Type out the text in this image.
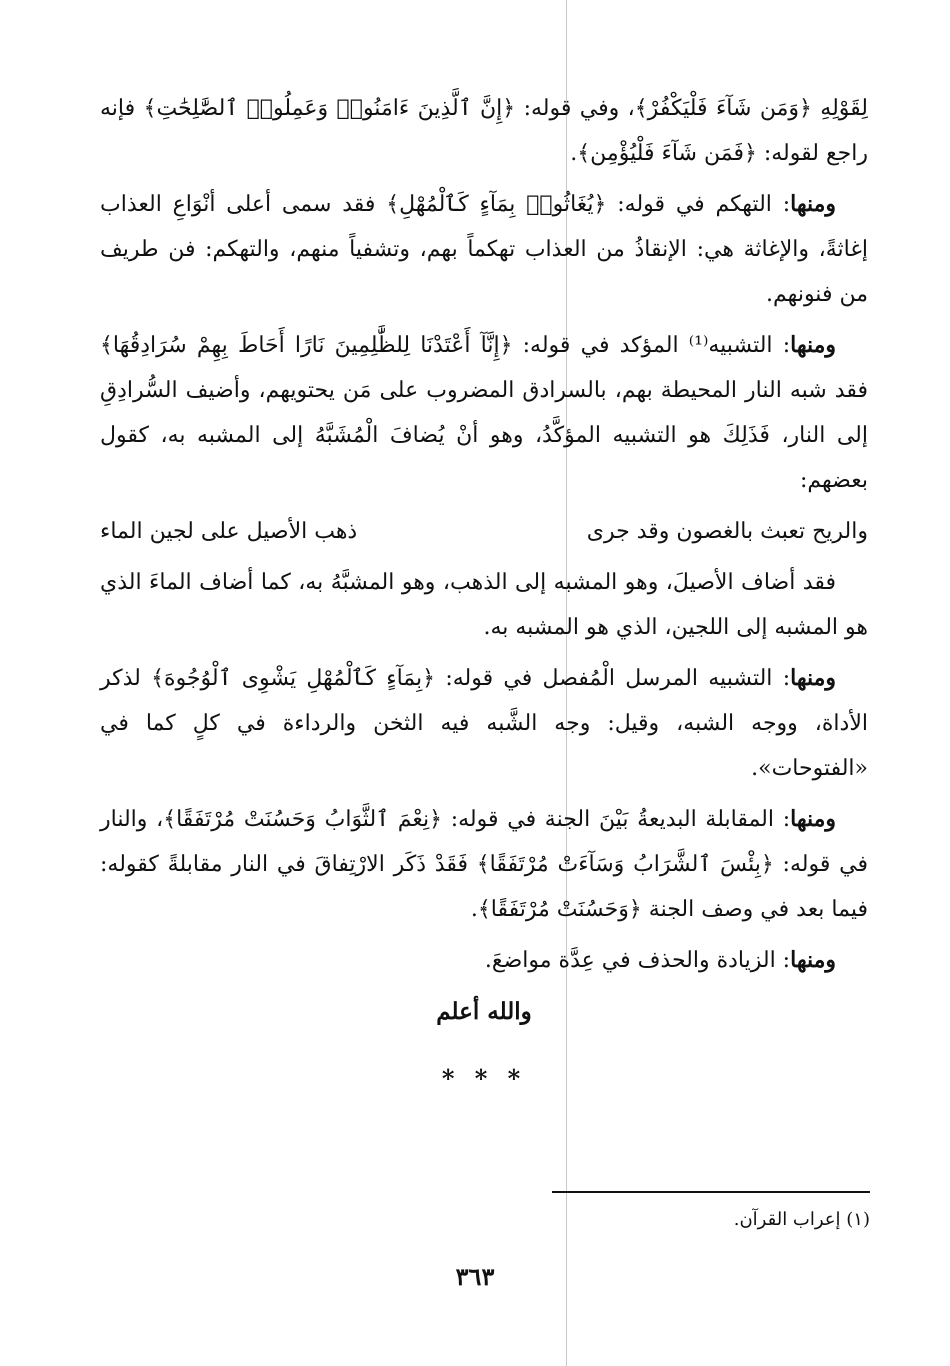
لِقَوْلِهِ ﴿وَمَن شَآءَ فَلْيَكْفُرْ﴾، وفي قوله: ﴿إِنَّ ٱلَّذِينَ ءَامَنُوا۟ وَعَمِلُوا۟ ٱلصَّٰلِحَٰتِ﴾ فإنه راجع لقوله: ﴿فَمَن شَآءَ فَلْيُؤْمِن﴾.

ومنها: التهكم في قوله: ﴿يُغَاثُوا۟ بِمَآءٍ كَٱلْمُهْلِ﴾ فقد سمى أعلى أنْوَاعِ العذاب إغاثةً، والإغاثة هي: الإنقاذُ من العذاب تهكماً بهم، وتشفياً منهم، والتهكم: فن طريف من فنونهم.

ومنها: التشبيه⁽¹⁾ المؤكد في قوله: ﴿إِنَّآ أَعْتَدْنَا لِلظَّٰلِمِينَ نَارًا أَحَاطَ بِهِمْ سُرَادِقُهَا﴾ فقد شبه النار المحيطة بهم، بالسرادق المضروب على مَن يحتويهم، وأضيف السُّرادِقِ إلى النار، فَذَلِكَ هو التشبيه المؤكَّدُ، وهو أنْ يُضافَ الْمُشَبَّهُ إلى المشبه به، كقول بعضهم:

والريح تعبث بالغصون وقد جرى
ذهب الأصيل على لجين الماء

فقد أضاف الأصيلَ، وهو المشبه إلى الذهب، وهو المشبَّهُ به، كما أضاف الماءَ الذي هو المشبه إلى اللجين، الذي هو المشبه به.

ومنها: التشبيه المرسل الْمُفصل في قوله: ﴿بِمَآءٍ كَٱلْمُهْلِ يَشْوِى ٱلْوُجُوهَ﴾ لذكر الأداة، ووجه الشبه، وقيل: وجه الشَّبه فيه الثخن والرداءة في كلٍ كما في «الفتوحات».

ومنها: المقابلة البديعةُ بَيْنَ الجنة في قوله: ﴿نِعْمَ ٱلثَّوَابُ وَحَسُنَتْ مُرْتَفَقًا﴾، والنار في قوله: ﴿بِئْسَ ٱلشَّرَابُ وَسَآءَتْ مُرْتَفَقًا﴾ فَقَدْ ذَكَر الارْتِفاقَ في النار مقابلةً كقوله: فيما بعد في وصف الجنة ﴿وَحَسُنَتْ مُرْتَفَقًا﴾.

ومنها: الزيادة والحذف في عِدَّة مواضعَ.

والله أعلم

* * *

(١) إعراب القرآن.
٣٦٣
